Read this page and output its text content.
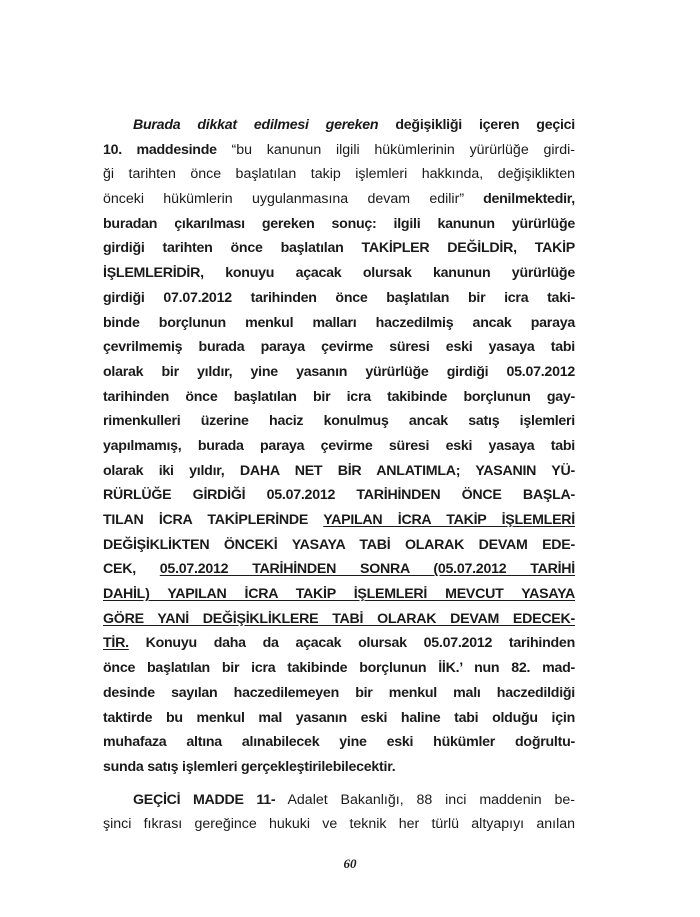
Burada dikkat edilmesi gereken değişikliği içeren geçici
10. maddesinde “bu kanunun ilgili hükümlerinin yürürlüğe girdi-
ği tarihten önce başlatılan takip işlemleri hakkında, değişiklikten
önceki hükümlerin uygulanmasına devam edilir” denilmektedir,
buradan çıkarılması gereken sonuç: ilgili kanunun yürürlüğe
girdiği tarihten önce başlatılan TAKİPLER DEĞİLDİR, TAKİP
İŞLEMLERİDİR, konuyu açacak olursak kanunun yürürlüğe
girdiği 07.07.2012 tarihinden önce başlatılan bir icra taki-
binde borçlunun menkul malları haczedilmiş ancak paraya
çevrilmemiş burada paraya çevirme süresi eski yasaya tabi
olarak bir yıldır, yine yasanın yürürlüğe girdiği 05.07.2012
tarihinden önce başlatılan bir icra takibinde borçlunun gay-
rimenkulleri üzerine haciz konulmuş ancak satış işlemleri
yapılmamış, burada paraya çevirme süresi eski yasaya tabi
olarak iki yıldır, DAHA NET BİR ANLATIMLA; YASANIN YÜ-
RÜRLÜĞE GİRDİĞİ 05.07.2012 TARİHİNDEN ÖNCE BAŞLA-
TILAN İCRA TAKİPLERİNDE YAPILAN İCRA TAKİP İŞLEMLERİ
DEĞİŞİKLİKTEN ÖNCEKİ YASAYA TABİ OLARAK DEVAM EDE-
CEK, 05.07.2012 TARİHİNDEN SONRA (05.07.2012 TARİHİ
DAHİL) YAPILAN İCRA TAKİP İŞLEMLERİ MEVCUT YASAYA
GÖRE YANİ DEĞİŞİKLİKLERE TABİ OLARAK DEVAM EDECEK-
TİR. Konuyu daha da açacak olursak 05.07.2012 tarihinden
önce başlatılan bir icra takibinde borçlunun İİK.’ nun 82. mad-
desinde sayılan haczedilemeyen bir menkul malı haczedildiği
taktirde bu menkul mal yasanın eski haline tabi olduğu için
muhafaza altına alınabilecek yine eski hükümler doğrultu-
sunda satış işlemleri gerçekleştirilebilecektir.
GEÇİCİ MADDE 11- Adalet Bakanlığı, 88 inci maddenin be-
şinci fıkrası gereğince hukuki ve teknik her türlü altyapıyı anılan
60
